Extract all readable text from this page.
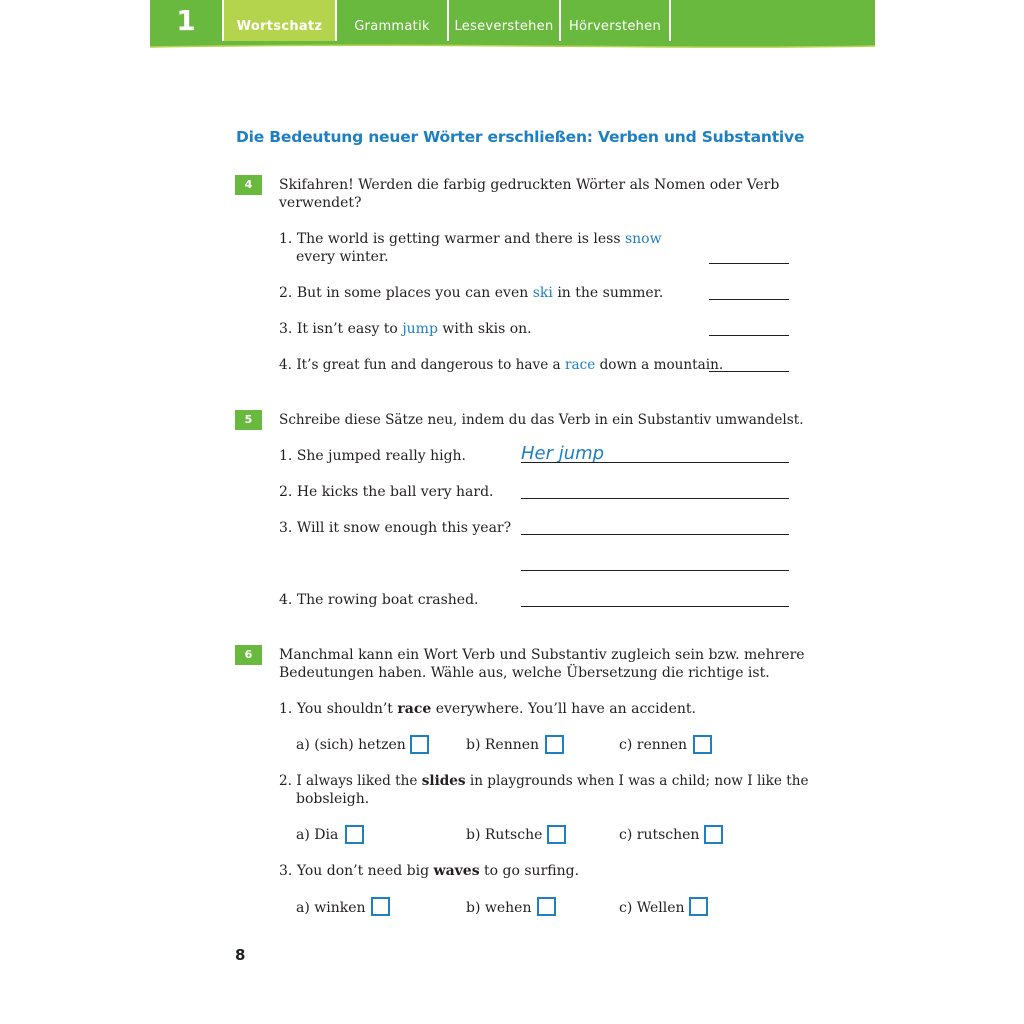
1	Wortschatz	Grammatik	Leseverstehen	Hörverstehen
Die Bedeutung neuer Wörter erschließen: Verben und Substantive
4	Skifahren! Werden die farbig gedruckten Wörter als Nomen oder Verb
verwendet?
1. The world is getting warmer and there is less snow
every winter.
2. But in some places you can even ski in the summer.
3. It isn’t easy to jump with skis on.
4. It’s great fun and dangerous to have a race down a mountain.
5	Schreibe diese Sätze neu, indem du das Verb in ein Substantiv umwandelst.
1. She jumped really high.	Her jump
2. He kicks the ball very hard.
3. Will it snow enough this year?
4. The rowing boat crashed.
6	Manchmal kann ein Wort Verb und Substantiv zugleich sein bzw. mehrere
Bedeutungen haben. Wähle aus, welche Übersetzung die richtige ist.
1. You shouldn’t race everywhere. You’ll have an accident.
a) (sich) hetzen	b) Rennen	c) rennen
2. I always liked the slides in playgrounds when I was a child; now I like the
bobsleigh.
a) Dia	b) Rutsche	c) rutschen
3. You don’t need big waves to go surfing.
a) winken	b) wehen	c) Wellen
8
